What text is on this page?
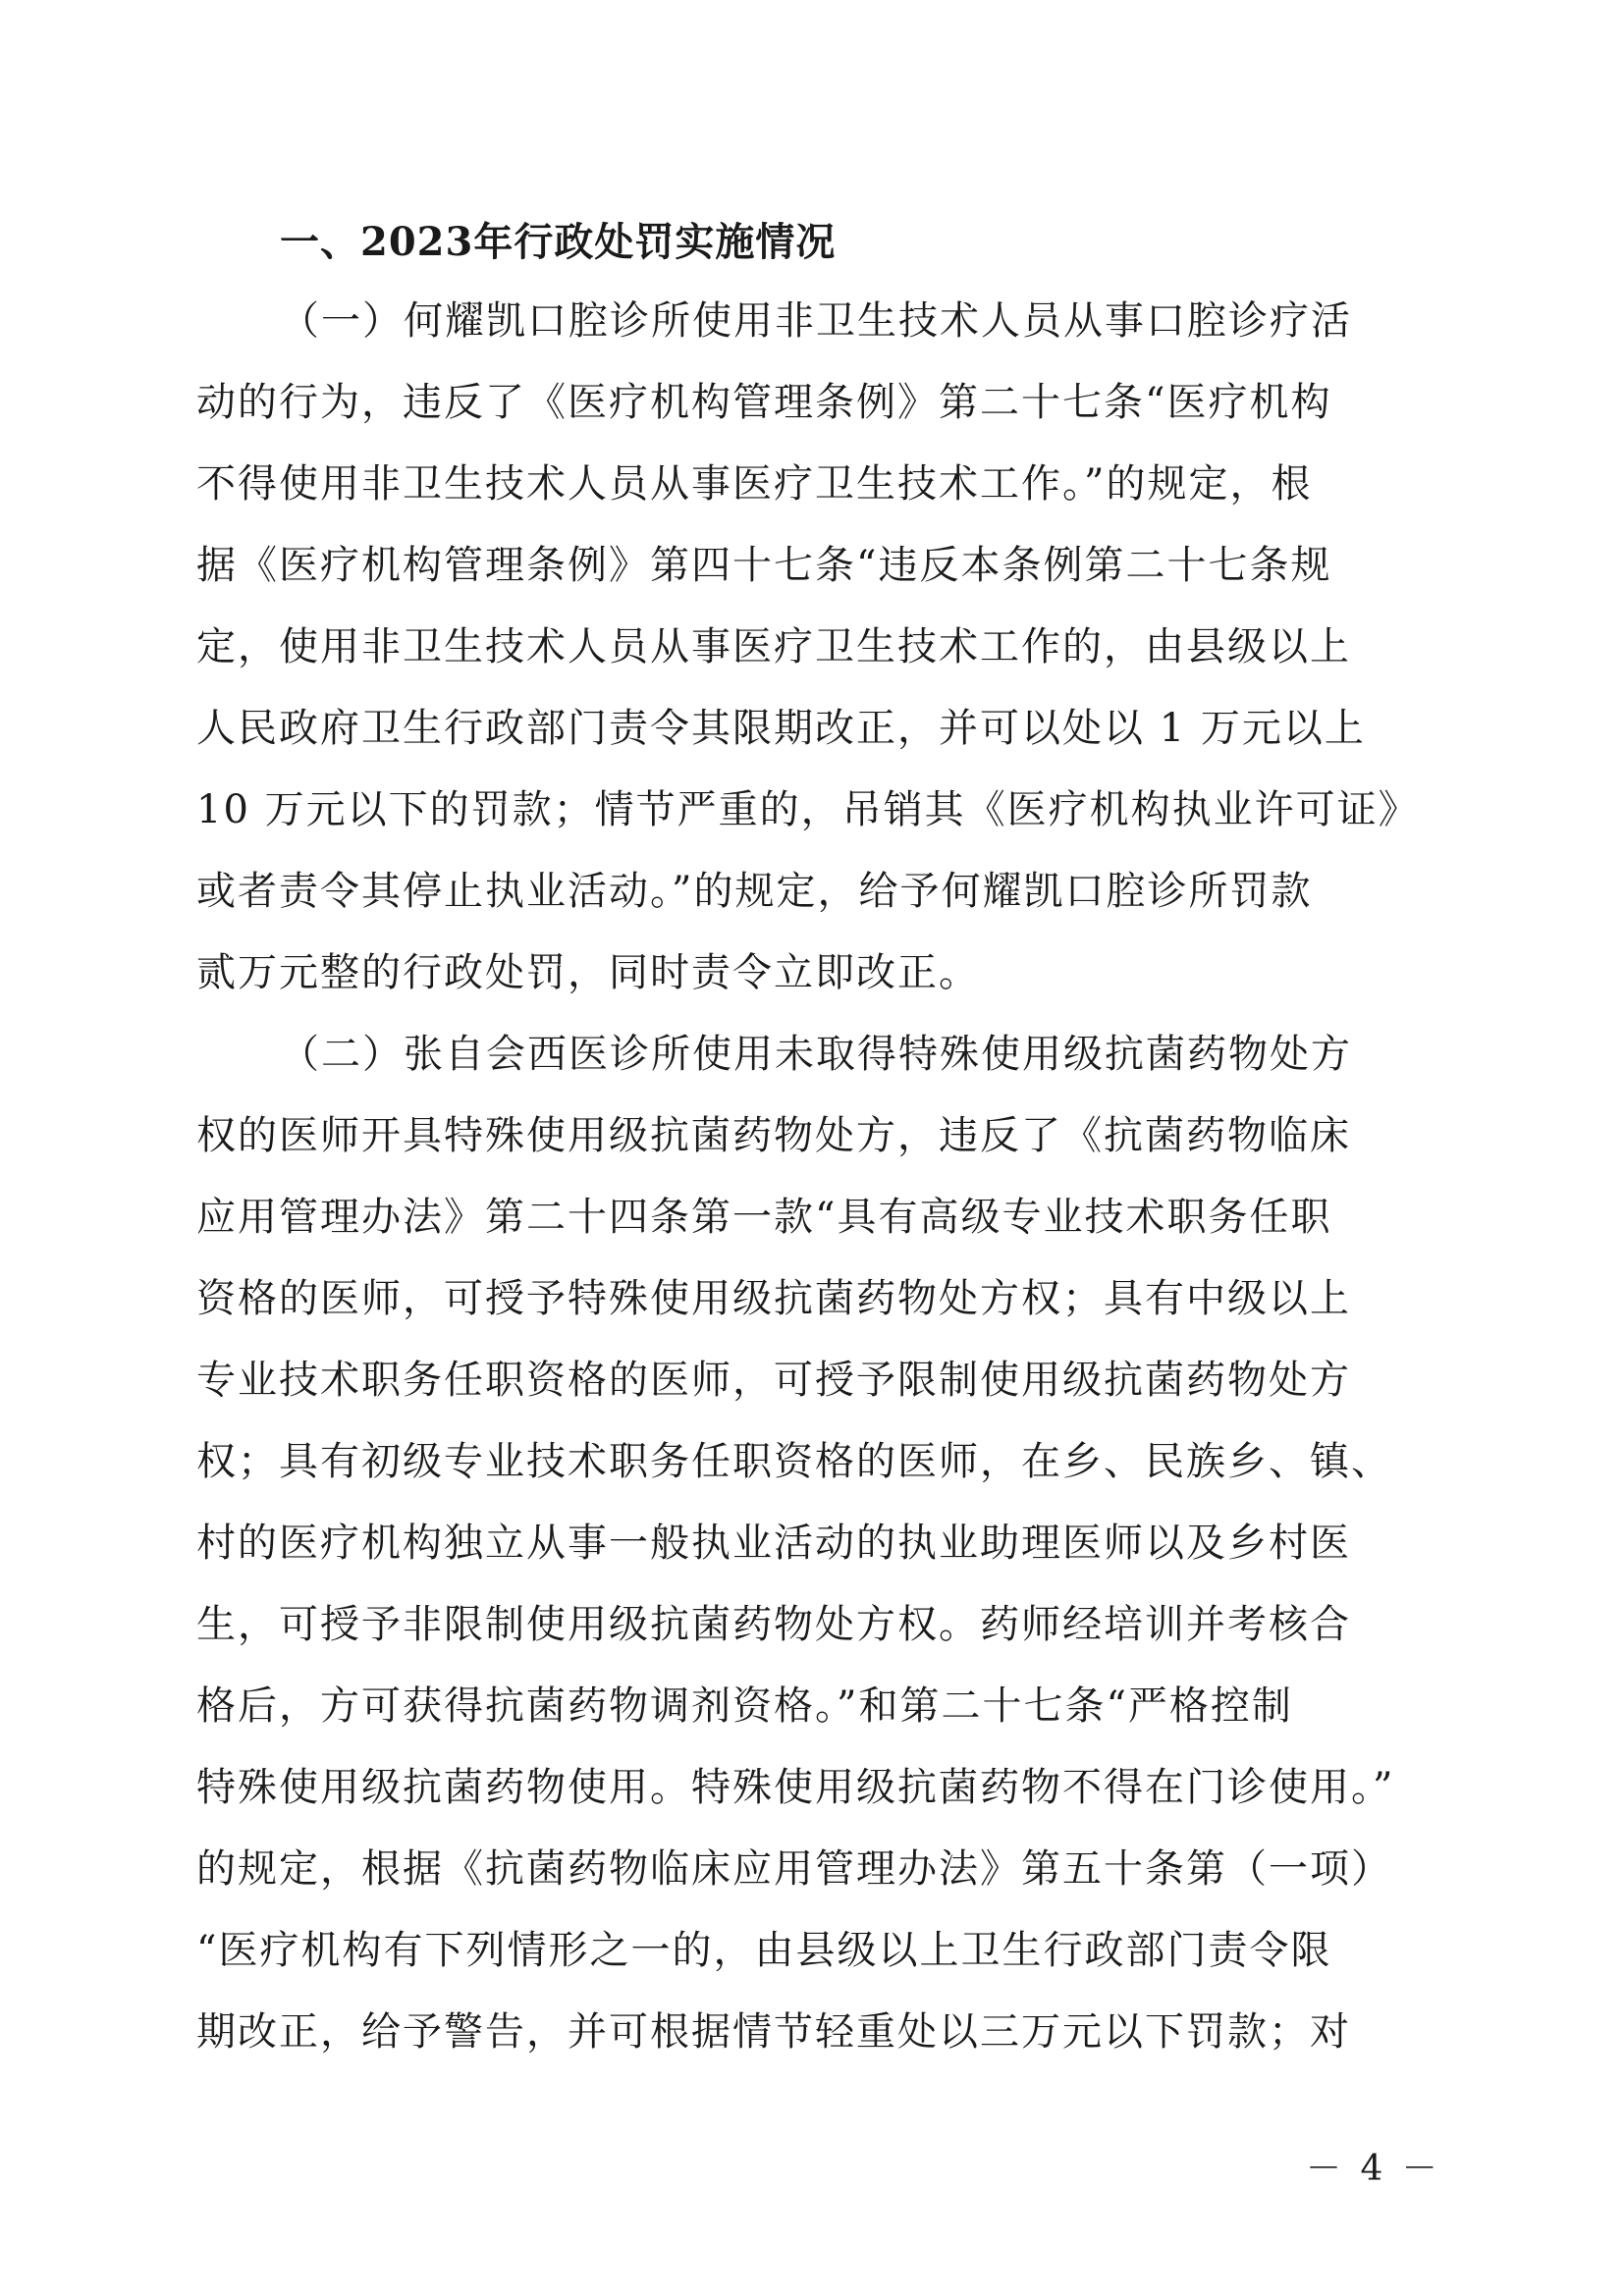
一、2023年行政处罚实施情况
（一）何耀凯口腔诊所使用非卫生技术人员从事口腔诊疗活
动的行为，违反了《医疗机构管理条例》第二十七条“医疗机构
不得使用非卫生技术人员从事医疗卫生技术工作。”的规定，根
据《医疗机构管理条例》第四十七条“违反本条例第二十七条规
定，使用非卫生技术人员从事医疗卫生技术工作的，由县级以上
人民政府卫生行政部门责令其限期改正，并可以处以 1 万元以上
10 万元以下的罚款；情节严重的，吊销其《医疗机构执业许可证》
或者责令其停止执业活动。”的规定，给予何耀凯口腔诊所罚款
贰万元整的行政处罚，同时责令立即改正。
（二）张自会西医诊所使用未取得特殊使用级抗菌药物处方
权的医师开具特殊使用级抗菌药物处方，违反了《抗菌药物临床
应用管理办法》第二十四条第一款“具有高级专业技术职务任职
资格的医师，可授予特殊使用级抗菌药物处方权；具有中级以上
专业技术职务任职资格的医师，可授予限制使用级抗菌药物处方
权；具有初级专业技术职务任职资格的医师，在乡、民族乡、镇、
村的医疗机构独立从事一般执业活动的执业助理医师以及乡村医
生，可授予非限制使用级抗菌药物处方权。药师经培训并考核合
格后，方可获得抗菌药物调剂资格。”和第二十七条“严格控制
特殊使用级抗菌药物使用。特殊使用级抗菌药物不得在门诊使用。”
的规定，根据《抗菌药物临床应用管理办法》第五十条第（一项）
“医疗机构有下列情形之一的，由县级以上卫生行政部门责令限
期改正，给予警告，并可根据情节轻重处以三万元以下罚款；对
－ 4 －
